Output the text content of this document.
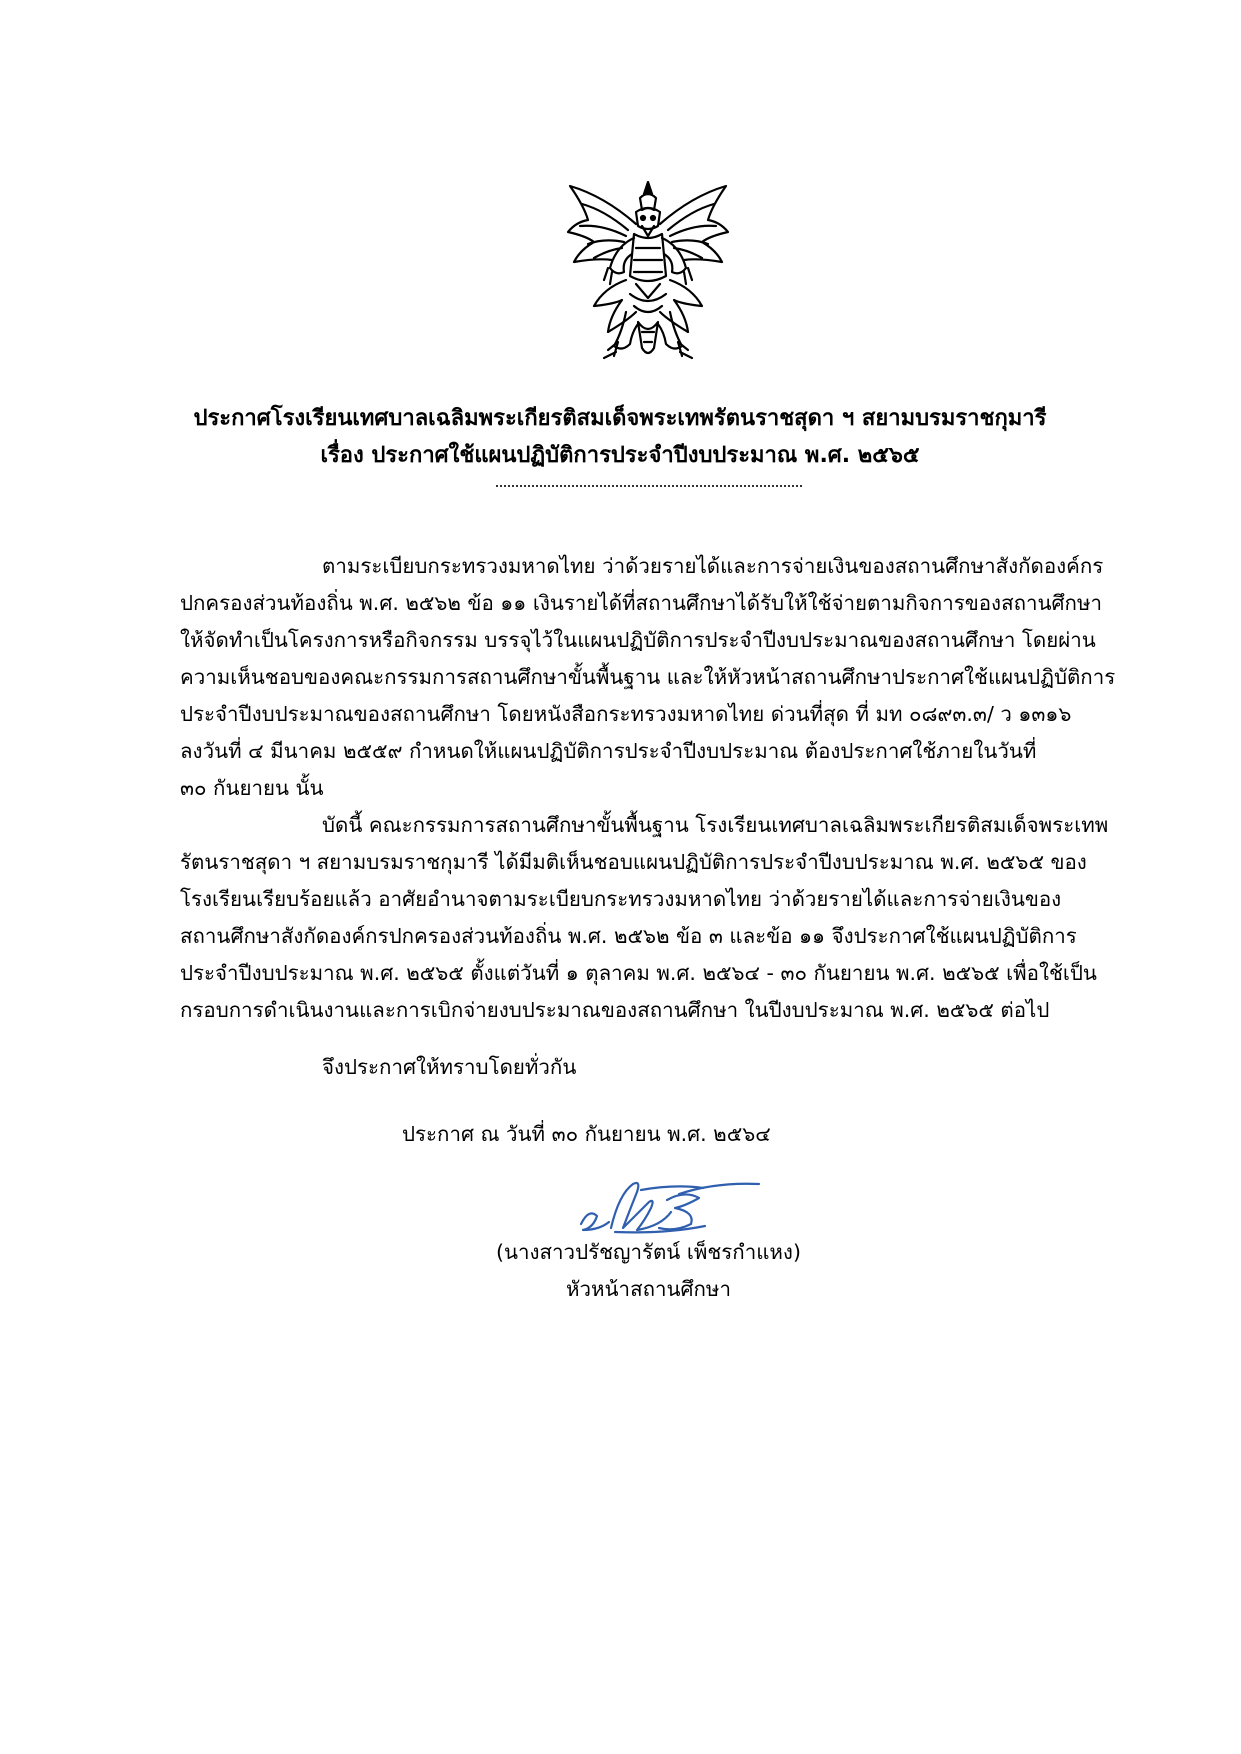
ประกาศโรงเรียนเทศบาลเฉลิมพระเกียรติสมเด็จพระเทพรัตนราชสุดา ฯ สยามบรมราชกุมารี
เรื่อง ประกาศใช้แผนปฏิบัติการประจำปีงบประมาณ พ.ศ. ๒๕๖๕
ตามระเบียบกระทรวงมหาดไทย ว่าด้วยรายได้และการจ่ายเงินของสถานศึกษาสังกัดองค์กร
ปกครองส่วนท้องถิ่น พ.ศ. ๒๕๖๒ ข้อ ๑๑ เงินรายได้ที่สถานศึกษาได้รับให้ใช้จ่ายตามกิจการของสถานศึกษา
ให้จัดทำเป็นโครงการหรือกิจกรรม บรรจุไว้ในแผนปฏิบัติการประจำปีงบประมาณของสถานศึกษา โดยผ่าน
ความเห็นชอบของคณะกรรมการสถานศึกษาขั้นพื้นฐาน และให้หัวหน้าสถานศึกษาประกาศใช้แผนปฏิบัติการ
ประจำปีงบประมาณของสถานศึกษา โดยหนังสือกระทรวงมหาดไทย ด่วนที่สุด ที่ มท ๐๘๙๓.๓/ ว ๑๓๑๖
ลงวันที่ ๔ มีนาคม ๒๕๕๙ กำหนดให้แผนปฏิบัติการประจำปีงบประมาณ ต้องประกาศใช้ภายในวันที่
๓๐ กันยายน นั้น
บัดนี้ คณะกรรมการสถานศึกษาขั้นพื้นฐาน โรงเรียนเทศบาลเฉลิมพระเกียรติสมเด็จพระเทพ
รัตนราชสุดา ฯ สยามบรมราชกุมารี ได้มีมติเห็นชอบแผนปฏิบัติการประจำปีงบประมาณ พ.ศ. ๒๕๖๕ ของ
โรงเรียนเรียบร้อยแล้ว อาศัยอำนาจตามระเบียบกระทรวงมหาดไทย ว่าด้วยรายได้และการจ่ายเงินของ
สถานศึกษาสังกัดองค์กรปกครองส่วนท้องถิ่น พ.ศ. ๒๕๖๒ ข้อ ๓ และข้อ ๑๑ จึงประกาศใช้แผนปฏิบัติการ
ประจำปีงบประมาณ พ.ศ. ๒๕๖๕ ตั้งแต่วันที่ ๑ ตุลาคม พ.ศ. ๒๕๖๔ - ๓๐ กันยายน พ.ศ. ๒๕๖๕ เพื่อใช้เป็น
กรอบการดำเนินงานและการเบิกจ่ายงบประมาณของสถานศึกษา ในปีงบประมาณ พ.ศ. ๒๕๖๕ ต่อไป
จึงประกาศให้ทราบโดยทั่วกัน
ประกาศ ณ วันที่ ๓๐ กันยายน พ.ศ. ๒๕๖๔
(นางสาวปรัชญารัตน์ เพ็ชรกำแหง)
หัวหน้าสถานศึกษา
